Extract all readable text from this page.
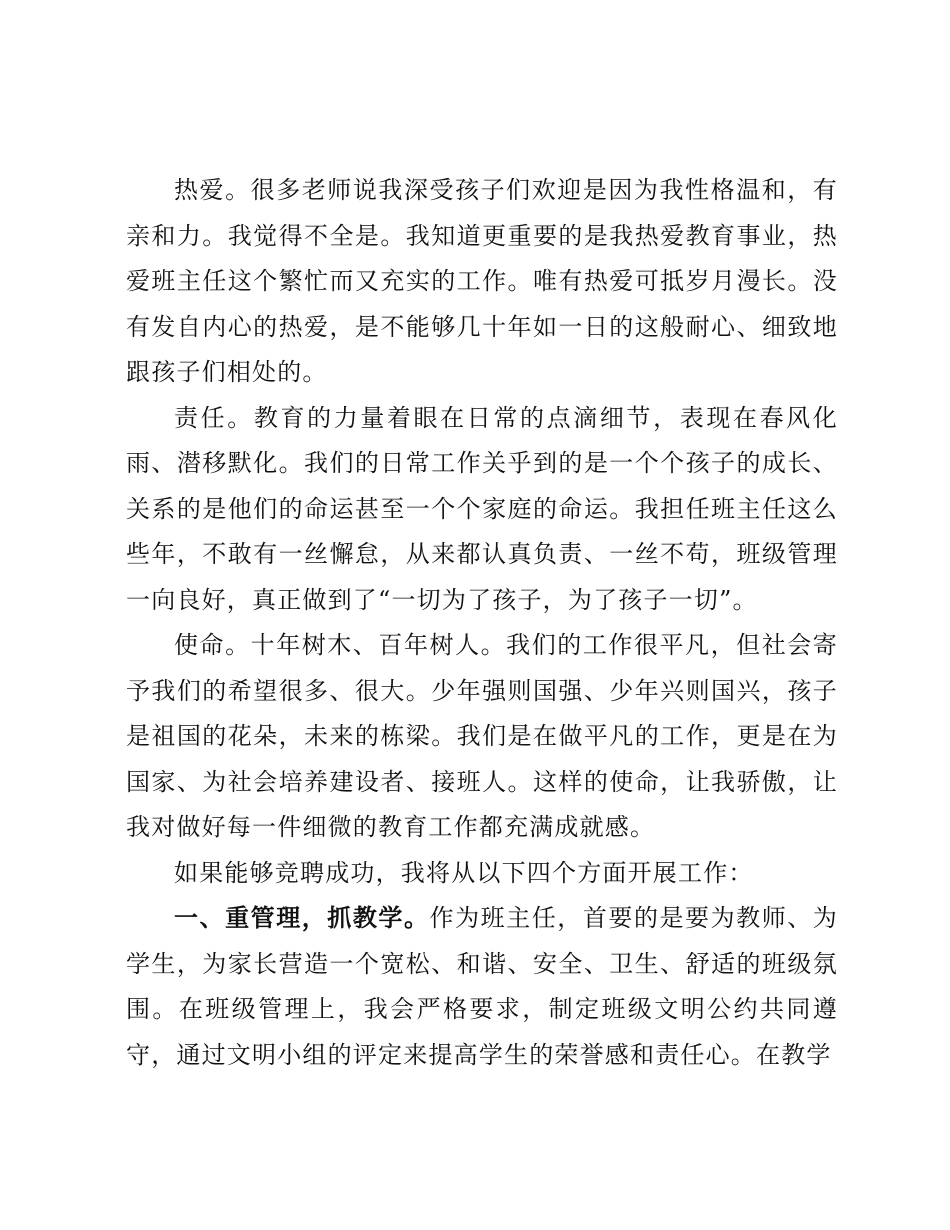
热爱。很多老师说我深受孩子们欢迎是因为我性格温和，有亲和力。我觉得不全是。我知道更重要的是我热爱教育事业，热爱班主任这个繁忙而又充实的工作。唯有热爱可抵岁月漫长。没有发自内心的热爱，是不能够几十年如一日的这般耐心、细致地跟孩子们相处的。

责任。教育的力量着眼在日常的点滴细节，表现在春风化雨、潜移默化。我们的日常工作关乎到的是一个个孩子的成长、关系的是他们的命运甚至一个个家庭的命运。我担任班主任这么些年，不敢有一丝懈怠，从来都认真负责、一丝不苟，班级管理一向良好，真正做到了“一切为了孩子，为了孩子一切”。

使命。十年树木、百年树人。我们的工作很平凡，但社会寄予我们的希望很多、很大。少年强则国强、少年兴则国兴，孩子是祖国的花朵，未来的栋梁。我们是在做平凡的工作，更是在为国家、为社会培养建设者、接班人。这样的使命，让我骄傲，让我对做好每一件细微的教育工作都充满成就感。

如果能够竞聘成功，我将从以下四个方面开展工作：

一、重管理，抓教学。作为班主任，首要的是要为教师、为学生，为家长营造一个宽松、和谐、安全、卫生、舒适的班级氛围。在班级管理上，我会严格要求，制定班级文明公约共同遵守，通过文明小组的评定来提高学生的荣誉感和责任心。在教学
